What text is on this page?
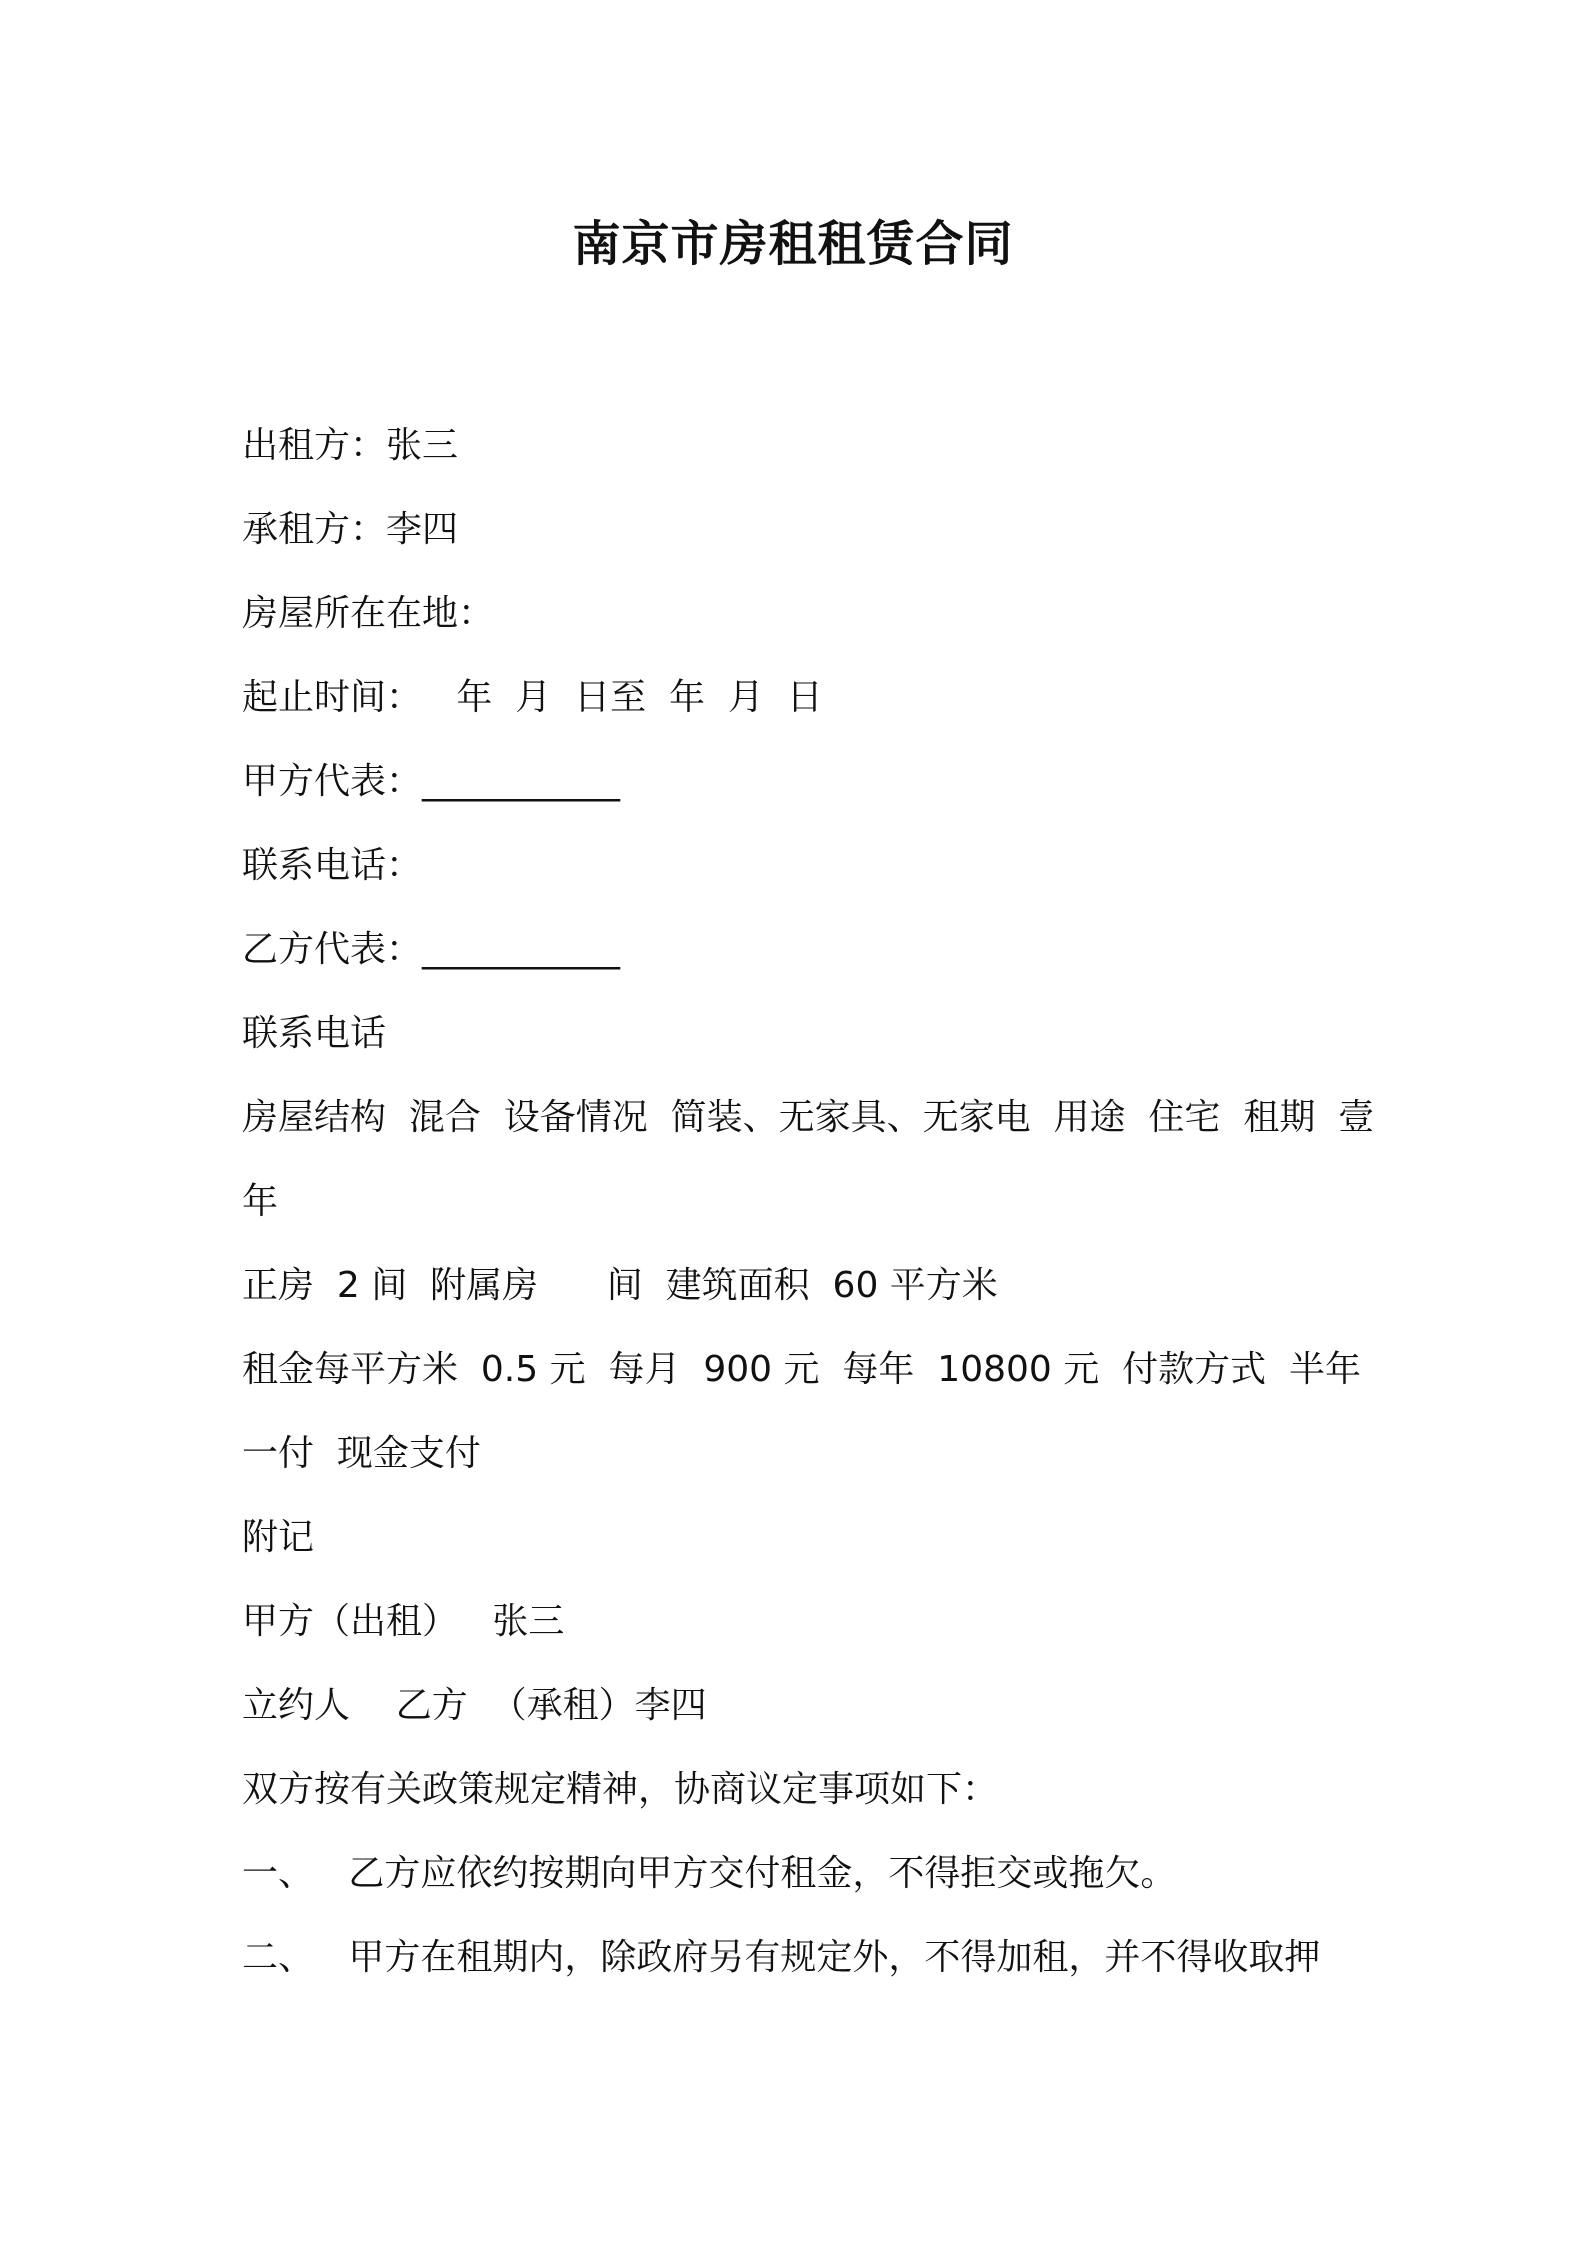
南京市房租租赁合同
出租方：张三
承租方：李四
房屋所在在地：
起止时间：   年  月  日至  年  月  日
甲方代表：___________
联系电话：
乙方代表：___________
联系电话
房屋结构  混合  设备情况  简装、无家具、无家电  用途  住宅  租期  壹
年
正房  2 间  附属房      间  建筑面积  60 平方米
租金每平方米  0.5 元  每月  900 元  每年  10800 元  付款方式  半年
一付  现金支付
附记
甲方（出租）   张三
立约人    乙方  （承租）李四
双方按有关政策规定精神，协商议定事项如下：
一、   乙方应依约按期向甲方交付租金，不得拒交或拖欠。
二、   甲方在租期内，除政府另有规定外，不得加租，并不得收取押
